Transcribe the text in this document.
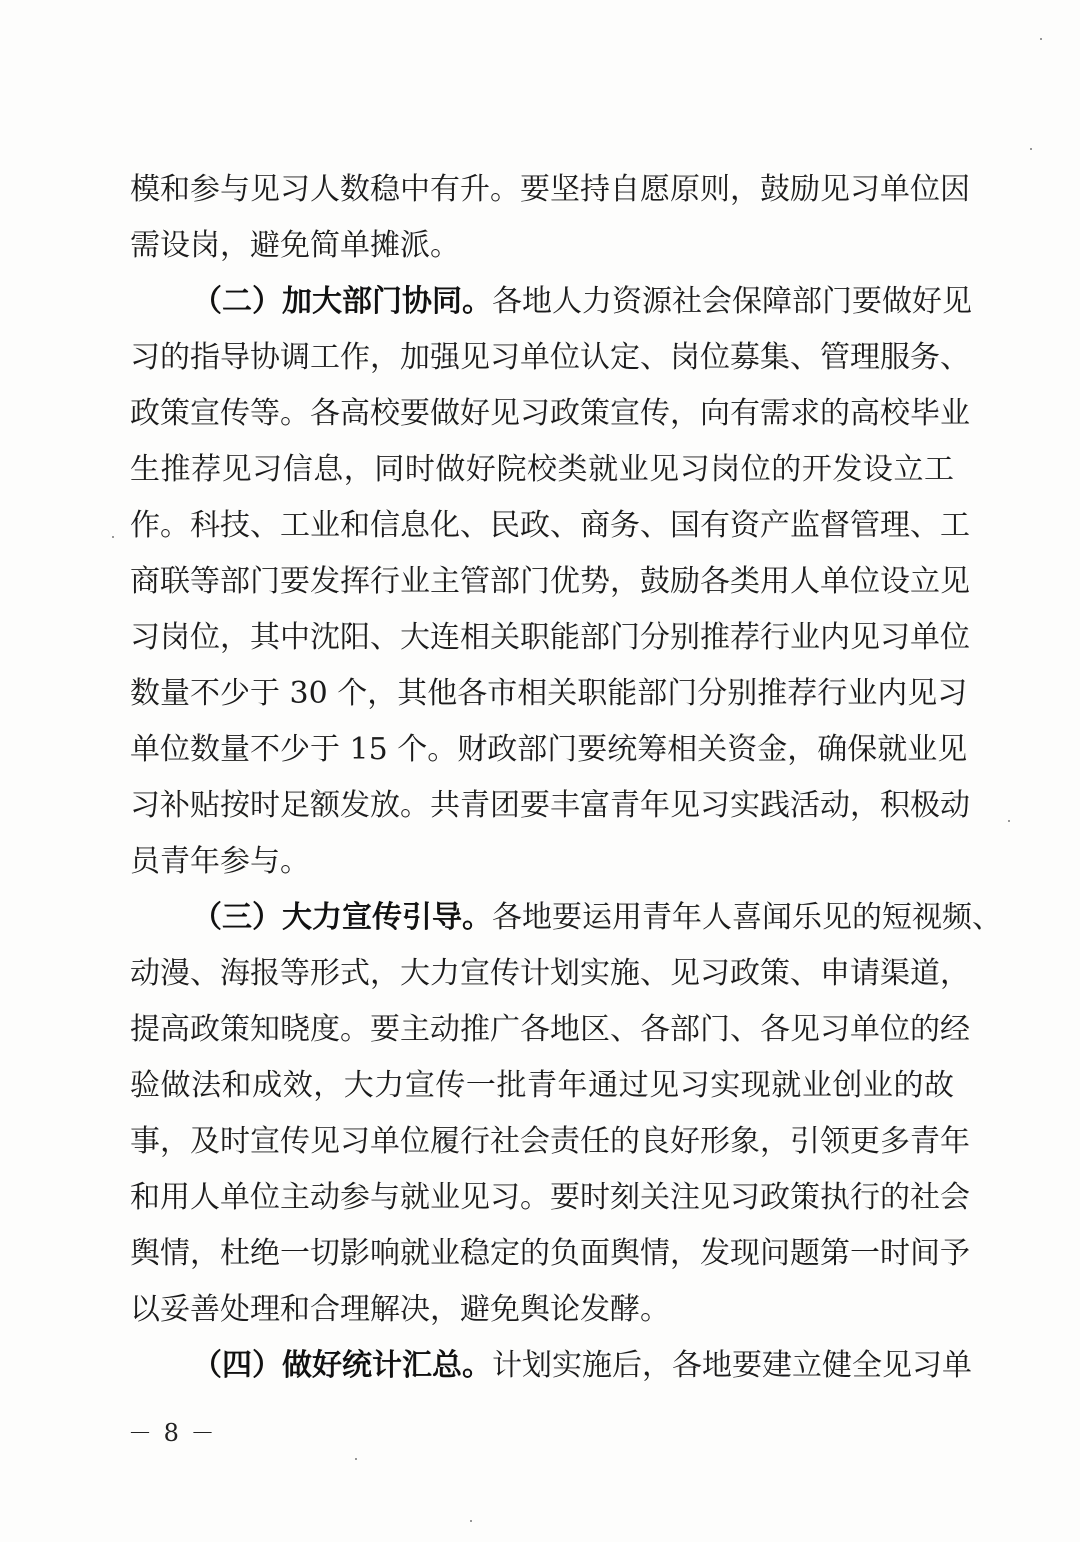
模和参与见习人数稳中有升。要坚持自愿原则，鼓励见习单位因
需设岗，避免简单摊派。
（二）加大部门协同。各地人力资源社会保障部门要做好见
习的指导协调工作，加强见习单位认定、岗位募集、管理服务、
政策宣传等。各高校要做好见习政策宣传，向有需求的高校毕业
生推荐见习信息，同时做好院校类就业见习岗位的开发设立工
作。科技、工业和信息化、民政、商务、国有资产监督管理、工
商联等部门要发挥行业主管部门优势，鼓励各类用人单位设立见
习岗位，其中沈阳、大连相关职能部门分别推荐行业内见习单位
数量不少于 30 个，其他各市相关职能部门分别推荐行业内见习
单位数量不少于 15 个。财政部门要统筹相关资金，确保就业见
习补贴按时足额发放。共青团要丰富青年见习实践活动，积极动
员青年参与。
（三）大力宣传引导。各地要运用青年人喜闻乐见的短视频、
动漫、海报等形式，大力宣传计划实施、见习政策、申请渠道，
提高政策知晓度。要主动推广各地区、各部门、各见习单位的经
验做法和成效，大力宣传一批青年通过见习实现就业创业的故
事，及时宣传见习单位履行社会责任的良好形象，引领更多青年
和用人单位主动参与就业见习。要时刻关注见习政策执行的社会
舆情，杜绝一切影响就业稳定的负面舆情，发现问题第一时间予
以妥善处理和合理解决，避免舆论发酵。
（四）做好统计汇总。计划实施后，各地要建立健全见习单
－ 8 －
